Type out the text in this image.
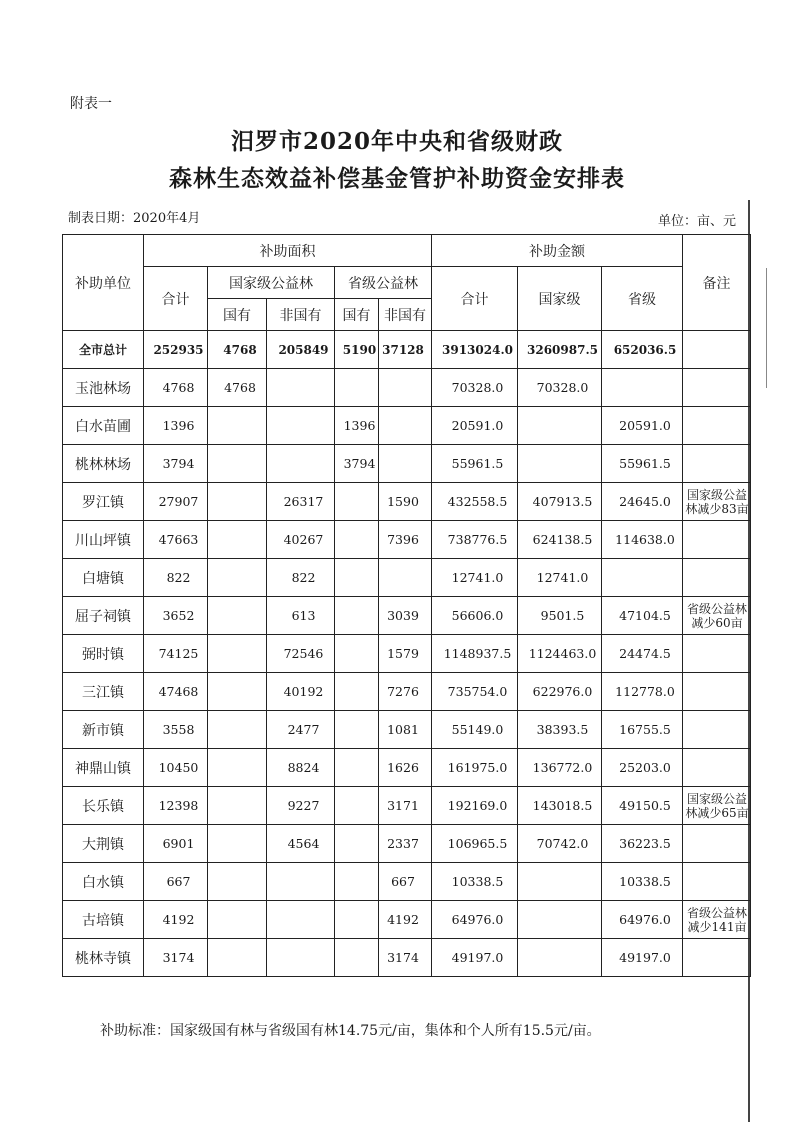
附表一
汨罗市2020年中央和省级财政
森林生态效益补偿基金管护补助资金安排表
制表日期：2020年4月	单位：亩、元
补助单位	补助面积					补助金额			备注
	合计	国家级公益林		省级公益林		合计	国家级	省级	
		国有	非国有	国有	非国有				
全市总计	252935	4768	205849	5190	37128	3913024.0	3260987.5	652036.5	
玉池林场	4768	4768				70328.0	70328.0		
白水苗圃	1396			1396		20591.0		20591.0	
桃林林场	3794			3794		55961.5		55961.5	
罗江镇	27907		26317		1590	432558.5	407913.5	24645.0	国家级公益林减少83亩
川山坪镇	47663		40267		7396	738776.5	624138.5	114638.0	
白塘镇	822		822			12741.0	12741.0		
屈子祠镇	3652		613		3039	56606.0	9501.5	47104.5	省级公益林减少60亩
弼时镇	74125		72546		1579	1148937.5	1124463.0	24474.5	
三江镇	47468		40192		7276	735754.0	622976.0	112778.0	
新市镇	3558		2477		1081	55149.0	38393.5	16755.5	
神鼎山镇	10450		8824		1626	161975.0	136772.0	25203.0	
长乐镇	12398		9227		3171	192169.0	143018.5	49150.5	国家级公益林减少65亩
大荆镇	6901		4564		2337	106965.5	70742.0	36223.5	
白水镇	667				667	10338.5		10338.5	
古培镇	4192				4192	64976.0		64976.0	省级公益林减少141亩
桃林寺镇	3174				3174	49197.0		49197.0	
补助标准：国家级国有林与省级国有林14.75元/亩，集体和个人所有15.5元/亩。
